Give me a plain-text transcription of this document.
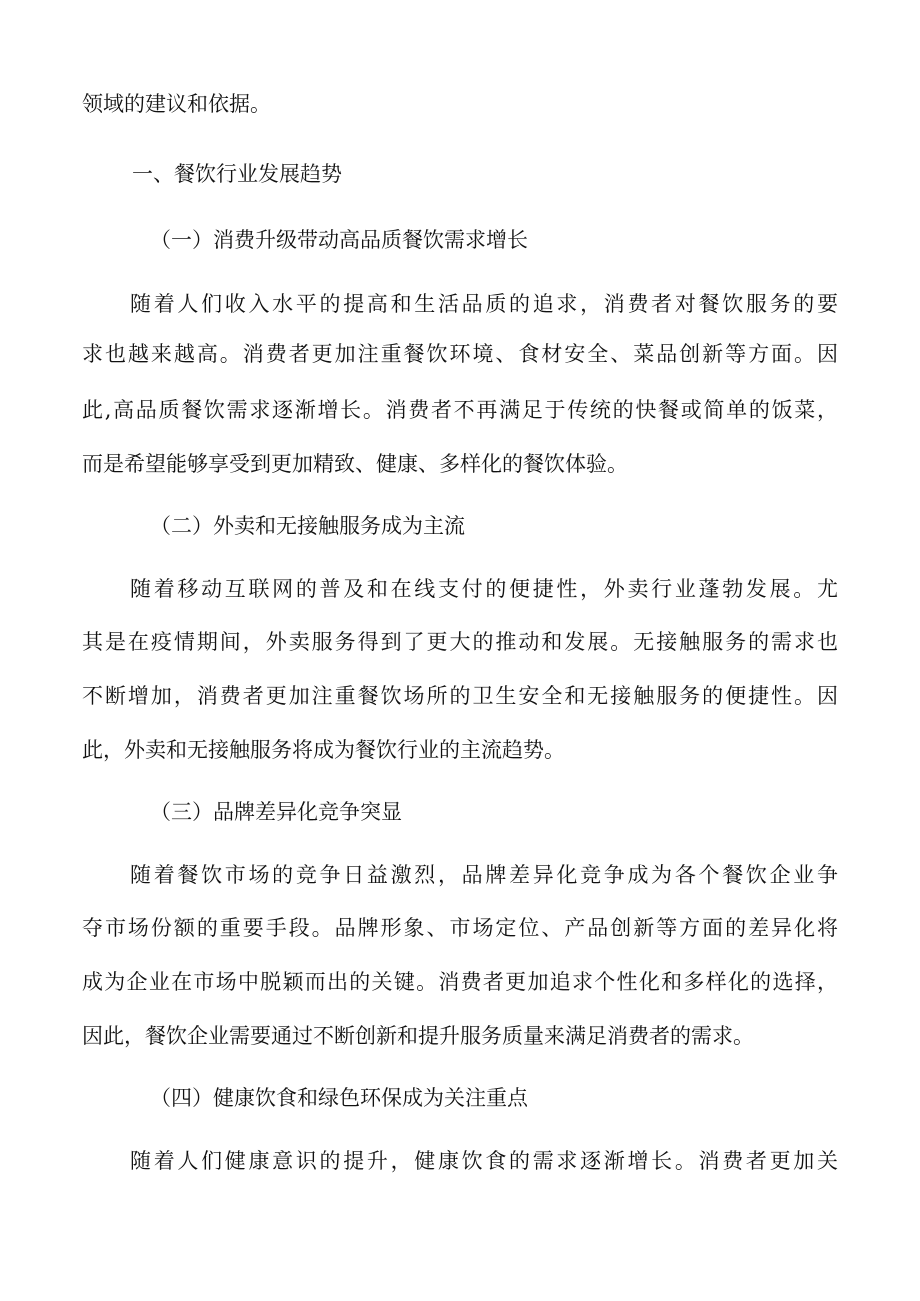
领域的建议和依据。
一、餐饮行业发展趋势
（一）消费升级带动高品质餐饮需求增长
随着人们收入水平的提高和生活品质的追求，消费者对餐饮服务的要
求也越来越高。消费者更加注重餐饮环境、食材安全、菜品创新等方面。因
此,高品质餐饮需求逐渐增长。消费者不再满足于传统的快餐或简单的饭菜，
而是希望能够享受到更加精致、健康、多样化的餐饮体验。
（二）外卖和无接触服务成为主流
随着移动互联网的普及和在线支付的便捷性，外卖行业蓬勃发展。尤
其是在疫情期间，外卖服务得到了更大的推动和发展。无接触服务的需求也
不断增加，消费者更加注重餐饮场所的卫生安全和无接触服务的便捷性。因
此，外卖和无接触服务将成为餐饮行业的主流趋势。
（三）品牌差异化竞争突显
随着餐饮市场的竞争日益激烈，品牌差异化竞争成为各个餐饮企业争
夺市场份额的重要手段。品牌形象、市场定位、产品创新等方面的差异化将
成为企业在市场中脱颖而出的关键。消费者更加追求个性化和多样化的选择，
因此，餐饮企业需要通过不断创新和提升服务质量来满足消费者的需求。
（四）健康饮食和绿色环保成为关注重点
随着人们健康意识的提升，健康饮食的需求逐渐增长。消费者更加关
